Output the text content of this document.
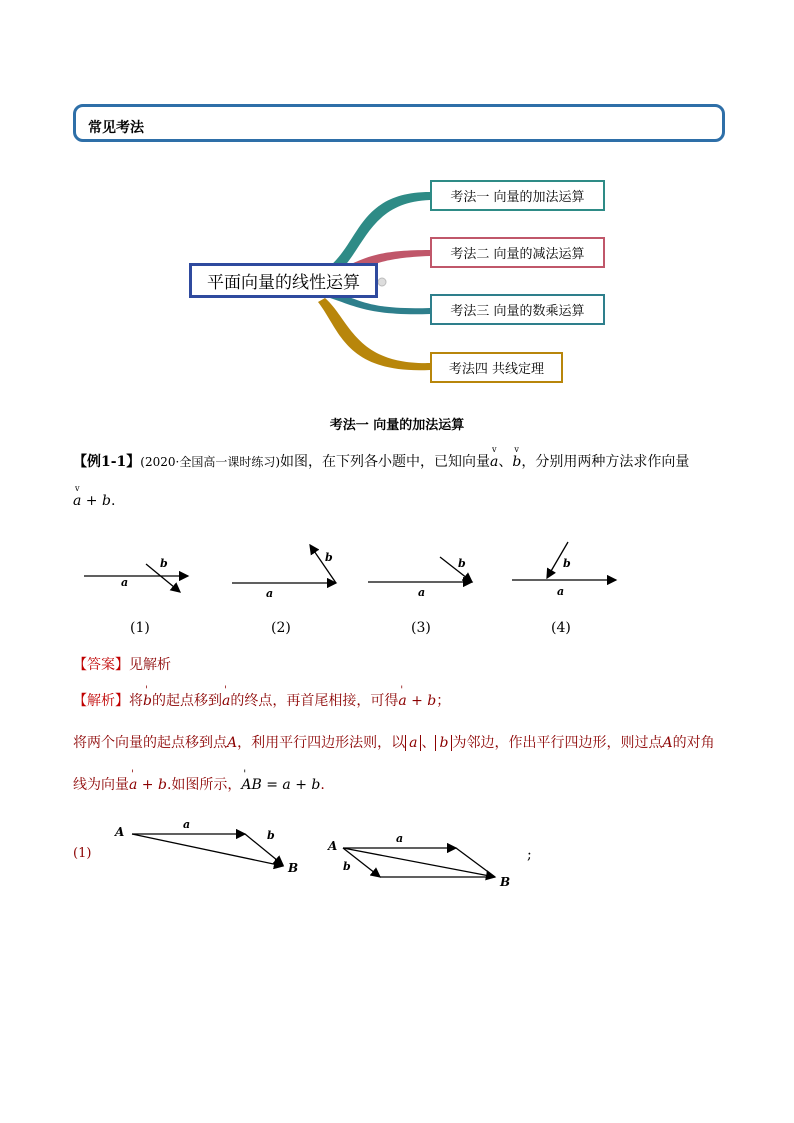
常见考法
平面向量的线性运算
考法一 向量的加法运算
考法二 向量的减法运算
考法三 向量的数乘运算
考法四 共线定理
考法一 向量的加法运算
【例1-1】(2020·全国高一课时练习)如图，在下列各小题中，已知向量v a、v b，分别用两种方法求作向量
v a + b.
a
b
a
b
a
b
a
b
(1)	(2)	(3)	(4)
【答案】见解析
【解析】将' b的起点移到' a的终点，再首尾相接，可得' a + b；
将两个向量的起点移到点A，利用平行四边形法则，以 a 、 b 为邻边，作出平行四边形，则过点A的对角
线为向量' a + b.如图所示，' AB = a + b.
(1)
A
B
a
b
A
B
a
b
;
